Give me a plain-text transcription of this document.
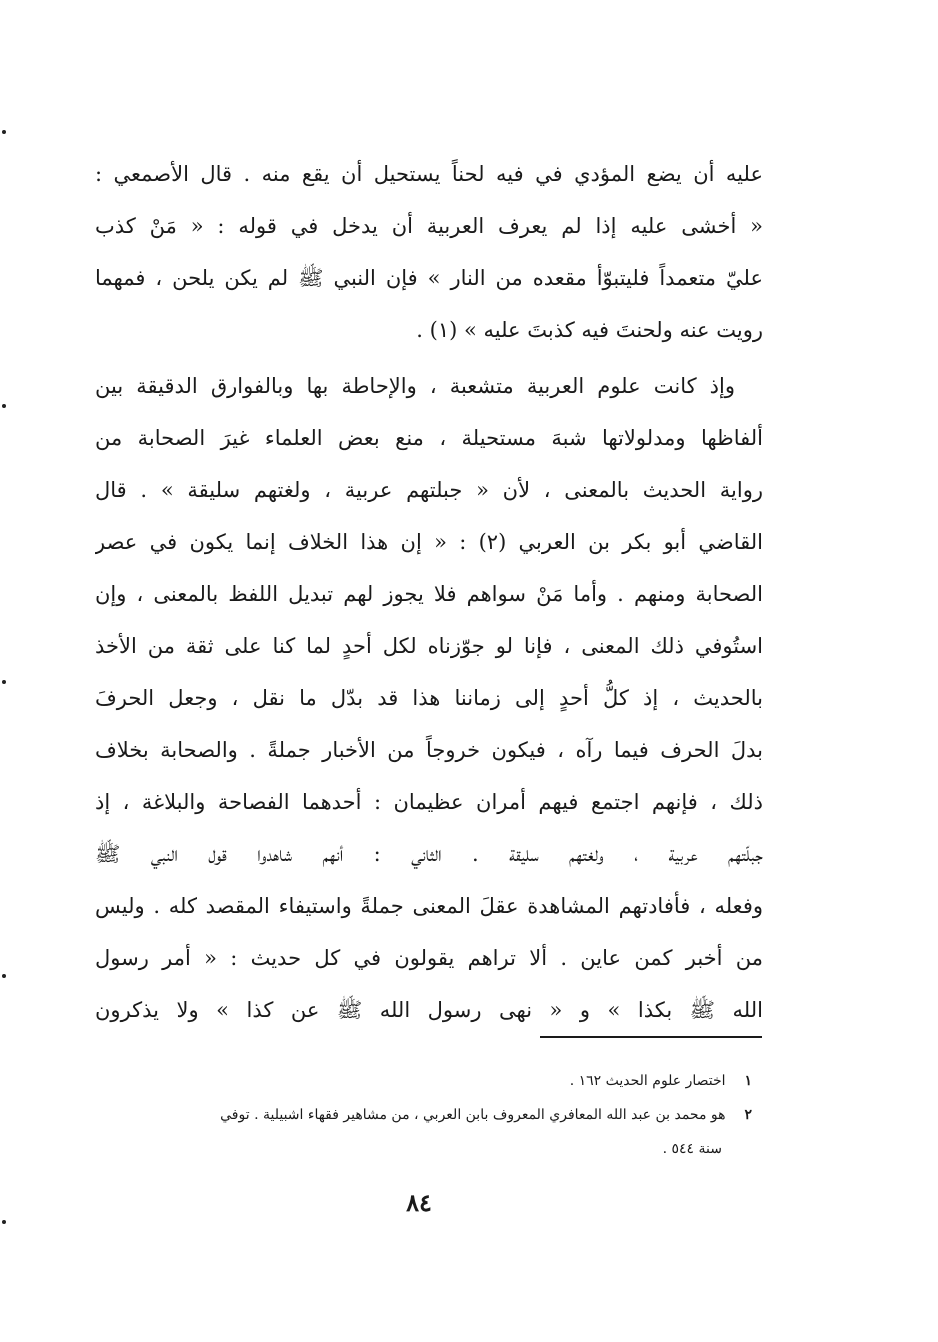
عليه أن يضع المؤدي في فيه لحناً يستحيل أن يقع منه . قال الأصمعي :
« أخشى عليه إذا لم يعرف العربية أن يدخل في قوله : « مَنْ كذب
عليّ متعمداً فليتبوّأ مقعده من النار » فإن النبي ﷺ لم يكن يلحن ، فمهما
رويت عنه ولحنتَ فيه كذبتَ عليه » (١) .
وإذ كانت علوم العربية متشعبة ، والإحاطة بها وبالفوارق الدقيقة بين
ألفاظها ومدلولاتها شبهَ مستحيلة ، منع بعض العلماء غيرَ الصحابة من
رواية الحديث بالمعنى ، لأن « جبلتهم عربية ، ولغتهم سليقة » . قال
القاضي أبو بكر بن العربي (٢) : « إن هذا الخلاف إنما يكون في عصر
الصحابة ومنهم . وأما مَنْ سواهم فلا يجوز لهم تبديل اللفظ بالمعنى ، وإن
استُوفي ذلك المعنى ، فإنا لو جوّزناه لكل أحدٍ لما كنا على ثقة من الأخذ
بالحديث ، إذ كلُّ أحدٍ إلى زماننا هذا قد بدّل ما نقل ، وجعل الحرفَ
بدلَ الحرف فيما رآه ، فيكون خروجاً من الأخبار جملةً . والصحابة بخلاف
ذلك ، فإنهم اجتمع فيهم أمران عظيمان : أحدهما الفصاحة والبلاغة ، إذ
جبلّتهم عربية ، ولغتهم سليقة . الثاني : أنهم شاهدوا قول النبي ﷺ
وفعله ، فأفادتهم المشاهدة عقلَ المعنى جملةً واستيفاء المقصد كله . وليس
من أخبر كمن عاين . ألا تراهم يقولون في كل حديث : « أمر رسول
الله ﷺ بكذا » و « نهى رسول الله ﷺ عن كذا » ولا يذكرون
١ اختصار علوم الحديث ١٦٢ .
٢ هو محمد بن عبد الله المعافري المعروف بابن العربي ، من مشاهير فقهاء اشبيلية . توفي
سنة ٥٤٤ .
٨٤
